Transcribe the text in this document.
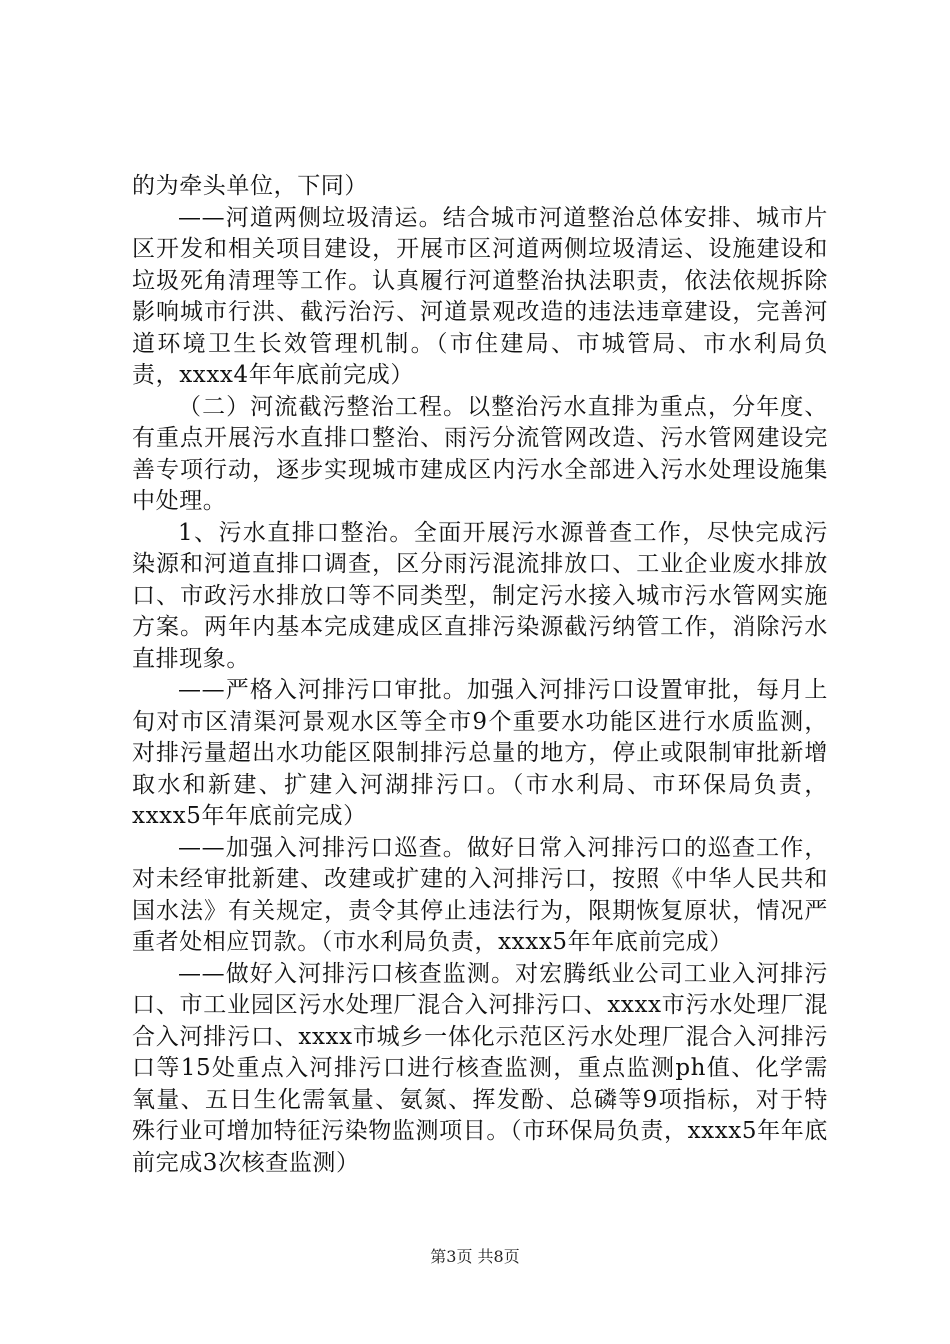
的为牵头单位，下同）

——河道两侧垃圾清运。结合城市河道整治总体安排、城市片区开发和相关项目建设，开展市区河道两侧垃圾清运、设施建设和垃圾死角清理等工作。认真履行河道整治执法职责，依法依规拆除影响城市行洪、截污治污、河道景观改造的违法违章建设，完善河道环境卫生长效管理机制。（市住建局、市城管局、市水利局负责，xxxx4年年底前完成）

（二）河流截污整治工程。以整治污水直排为重点，分年度、有重点开展污水直排口整治、雨污分流管网改造、污水管网建设完善专项行动，逐步实现城市建成区内污水全部进入污水处理设施集中处理。

1、污水直排口整治。全面开展污水源普查工作，尽快完成污染源和河道直排口调查，区分雨污混流排放口、工业企业废水排放口、市政污水排放口等不同类型，制定污水接入城市污水管网实施方案。两年内基本完成建成区直排污染源截污纳管工作，消除污水直排现象。

——严格入河排污口审批。加强入河排污口设置审批，每月上旬对市区清渠河景观水区等全市9个重要水功能区进行水质监测，对排污量超出水功能区限制排污总量的地方，停止或限制审批新增取水和新建、扩建入河湖排污口。（市水利局、市环保局负责，xxxx5年年底前完成）

——加强入河排污口巡查。做好日常入河排污口的巡查工作，对未经审批新建、改建或扩建的入河排污口，按照《中华人民共和国水法》有关规定，责令其停止违法行为，限期恢复原状，情况严重者处相应罚款。（市水利局负责，xxxx5年年底前完成）

——做好入河排污口核查监测。对宏腾纸业公司工业入河排污口、市工业园区污水处理厂混合入河排污口、xxxx市污水处理厂混合入河排污口、xxxx市城乡一体化示范区污水处理厂混合入河排污口等15处重点入河排污口进行核查监测，重点监测ph值、化学需氧量、五日生化需氧量、氨氮、挥发酚、总磷等9项指标，对于特殊行业可增加特征污染物监测项目。（市环保局负责，xxxx5年年底前完成3次核查监测）

第3页 共8页
